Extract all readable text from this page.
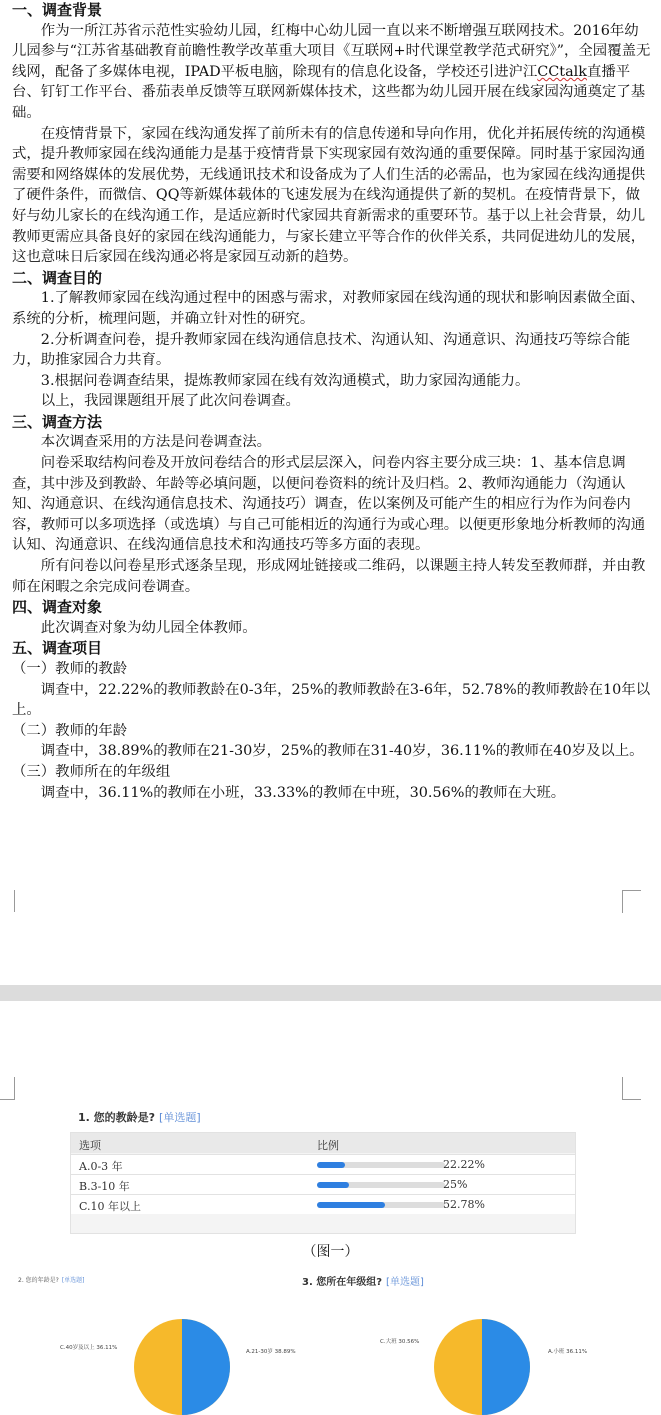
一、调查背景

作为一所江苏省示范性实验幼儿园，红梅中心幼儿园一直以来不断增强互联网技术。2016年幼儿园参与“江苏省基础教育前瞻性教学改革重大项目《互联网+时代课堂教学范式研究》”，全园覆盖无线网，配备了多媒体电视，IPAD平板电脑，除现有的信息化设备，学校还引进沪江CCtalk直播平台、钉钉工作平台、番茄表单反馈等互联网新媒体技术，这些都为幼儿园开展在线家园沟通奠定了基础。

在疫情背景下，家园在线沟通发挥了前所未有的信息传递和导向作用，优化并拓展传统的沟通模式，提升教师家园在线沟通能力是基于疫情背景下实现家园有效沟通的重要保障。同时基于家园沟通需要和网络媒体的发展优势，无线通讯技术和设备成为了人们生活的必需品，也为家园在线沟通提供了硬件条件，而微信、QQ等新媒体载体的飞速发展为在线沟通提供了新的契机。在疫情背景下，做好与幼儿家长的在线沟通工作，是适应新时代家园共育新需求的重要环节。基于以上社会背景，幼儿教师更需应具备良好的家园在线沟通能力，与家长建立平等合作的伙伴关系，共同促进幼儿的发展，这也意味日后家园在线沟通必将是家园互动新的趋势。

二、调查目的

1.了解教师家园在线沟通过程中的困惑与需求，对教师家园在线沟通的现状和影响因素做全面、系统的分析，梳理问题，并确立针对性的研究。

2.分析调查问卷，提升教师家园在线沟通信息技术、沟通认知、沟通意识、沟通技巧等综合能力，助推家园合力共育。

3.根据问卷调查结果，提炼教师家园在线有效沟通模式，助力家园沟通能力。

以上，我园课题组开展了此次问卷调查。

三、调查方法

本次调查采用的方法是问卷调查法。

问卷采取结构问卷及开放问卷结合的形式层层深入，问卷内容主要分成三块：1、基本信息调查，其中涉及到教龄、年龄等必填问题，以便问卷资料的统计及归档。2、教师沟通能力（沟通认知、沟通意识、在线沟通信息技术、沟通技巧）调查，佐以案例及可能产生的相应行为作为问卷内容，教师可以多项选择（或选填）与自己可能相近的沟通行为或心理。以便更形象地分析教师的沟通认知、沟通意识、在线沟通信息技术和沟通技巧等多方面的表现。

所有问卷以问卷星形式逐条呈现，形成网址链接或二维码，以课题主持人转发至教师群，并由教师在闲暇之余完成问卷调查。

四、调查对象

此次调查对象为幼儿园全体教师。

五、调查项目

（一）教师的教龄

调查中，22.22%的教师教龄在0-3年，25%的教师教龄在3-6年，52.78%的教师教龄在10年以上。

（二）教师的年龄

调查中，38.89%的教师在21-30岁，25%的教师在31-40岁，36.11%的教师在40岁及以上。

（三）教师所在的年级组

调查中，36.11%的教师在小班，33.33%的教师在中班，30.56%的教师在大班。

1. 您的教龄是? [单选题]
选项	比例
A.0-3 年	22.22%
B.3-10 年	25%
C.10 年以上	52.78%
（图一）
2. 您的年龄是? [单选题]	3. 您所在年级组? [单选题]
C.40岁及以上 36.11%
A.21-30岁 38.89%
C.大班 30.56%
A.小班 36.11%
